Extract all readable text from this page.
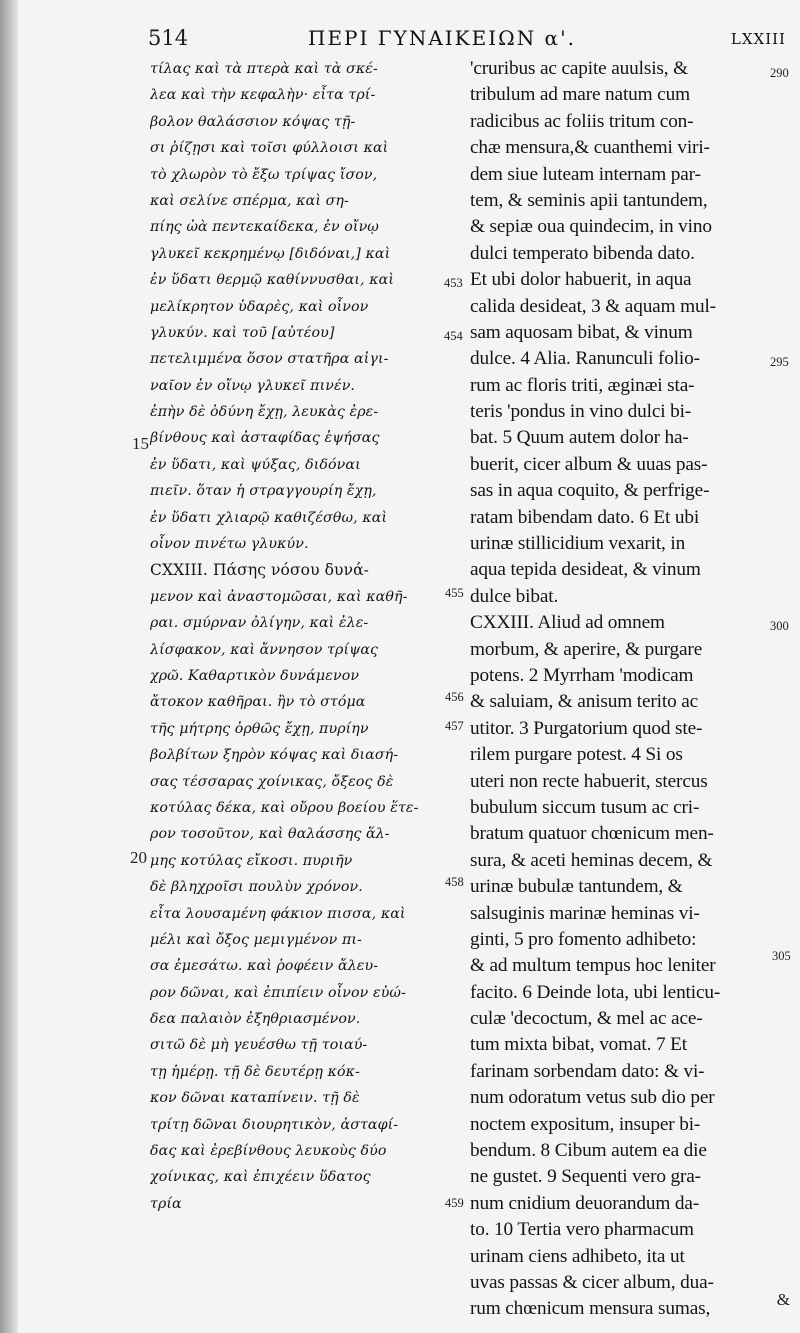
514	ΠΕΡΙ ΓΥΝΑΙΚΕΙΩΝ α'.	LXXIII
τίλας καὶ τὰ πτερὰ καὶ τὰ σκέ-
λεα καὶ τὴν κεφαλὴν· εἶτα τρί-
βολον θαλάσσιον κόψας τῇ-
σι ῥίζῃσι καὶ τοῖσι φύλλοισι καὶ
τὸ χλωρὸν τὸ ἔξω τρίψας ἴσον,
καὶ σελίνε σπέρμα, καὶ ση-
πίης ὠὰ πεντεκαίδεκα, ἐν οἴνῳ
γλυκεῖ κεκρημένῳ [διδόναι,] καὶ
ἐν ὕδατι θερμῷ καθίννυσθαι, καὶ
μελίκρητον ὑδαρὲς, καὶ οἶνον
γλυκύν. καὶ τοῦ [αὐτέου]
πετελιμμένα ὅσον στατῆρα αἰγι-
ναῖον ἐν οἴνῳ γλυκεῖ πινέν.
ἐπὴν δὲ ὀδύνη ἔχῃ, λευκὰς ἐρε-
βίνθους καὶ ἀσταφίδας ἑψήσας
ἐν ὕδατι, καὶ ψύξας, διδόναι
πιεῖν. ὅταν ἡ στραγγουρίη ἔχῃ,
ἐν ὕδατι χλιαρῷ καθιζέσθω, καὶ
οἶνον πινέτω γλυκύν.
CXXIII. Πάσης νόσου δυνά-
μενον καὶ ἀναστομῶσαι, καὶ καθῆ-
ραι. σμύρναν ὀλίγην, καὶ ἐλε-
λίσφακον, καὶ ἄννησον τρίψας
χρῶ. Καθαρτικὸν δυνάμενον
ἄτοκον καθῆραι. ἢν τὸ στόμα
τῆς μήτρης ὀρθῶς ἔχῃ, πυρίην
βολβίτων ξηρὸν κόψας καὶ διασή-
σας τέσσαρας χοίνικας, ὄξεος δὲ
κοτύλας δέκα, καὶ οὔρου βοείου ἕτε-
ρον τοσοῦτον, καὶ θαλάσσης ἅλ-
μης κοτύλας εἴκοσι. πυριῆν
δὲ βληχροῖσι πουλὺν χρόνον.
εἶτα λουσαμένη φάκιον πισσα, καὶ
μέλι καὶ ὄξος μεμιγμένον πι-
σα ἐμεσάτω. καὶ ῥοφέειν ἄλευ-
ρον δῶναι, καὶ ἐπιπίειν οἶνον εὐώ-
δεα παλαιὸν ἐξηθριασμένον.
σιτῶ δὲ μὴ γευέσθω τῇ τοιαύ-
τῃ ἡμέρῃ. τῇ δὲ δευτέρῃ κόκ-
κον δῶναι καταπίνειν. τῇ δὲ
τρίτῃ δῶναι διουρητικὸν, ἀσταφί-
δας καὶ ἐρεβίνθους λευκοὺς δύο
χοίνικας, καὶ ἐπιχέειν ὕδατος
τρία
'cruribus ac capite auulsis, &
tribulum ad mare natum cum
radicibus ac foliis tritum con-
chæ mensura,& cuanthemi viri-
dem siue luteam internam par-
tem, & seminis apii tantundem,
& sepiæ oua quindecim, in vino
dulci temperato bibenda dato.
Et ubi dolor habuerit, in aqua
calida desideat, 3 & aquam mul-
sam aquosam bibat, & vinum
dulce. 4 Alia. Ranunculi folio-
rum ac floris triti, æginæi sta-
teris 'pondus in vino dulci bi-
bat. 5 Quum autem dolor ha-
buerit, cicer album & uuas pas-
sas in aqua coquito, & perfrige-
ratam bibendam dato. 6 Et ubi
urinæ stillicidium vexarit, in
aqua tepida desideat, & vinum
dulce bibat.
CXXIII. Aliud ad omnem
morbum, & aperire, & purgare
potens. 2 Myrrham 'modicam
& saluiam, & anisum terito ac
utitor. 3 Purgatorium quod ste-
rilem purgare potest. 4 Si os
uteri non recte habuerit, stercus
bubulum siccum tusum ac cri-
bratum quatuor chœnicum men-
sura, & aceti heminas decem, &
urinæ bubulæ tantundem, &
salsuginis marinæ heminas vi-
ginti, 5 pro fomento adhibeto:
& ad multum tempus hoc leniter
facito. 6 Deinde lota, ubi lenticu-
culæ 'decoctum, & mel ac ace-
tum mixta bibat, vomat. 7 Et
farinam sorbendam dato: & vi-
num odoratum vetus sub dio per
noctem expositum, insuper bi-
bendum. 8 Cibum autem ea die
ne gustet. 9 Sequenti vero gra-
num cnidium deuorandum da-
to. 10 Tertia vero pharmacum
urinam ciens adhibeto, ita ut
uvas passas & cicer album, dua-
rum chœnicum mensura sumas,
15
20
453
454
455
456
457
458
459
290
295
300
305
&
